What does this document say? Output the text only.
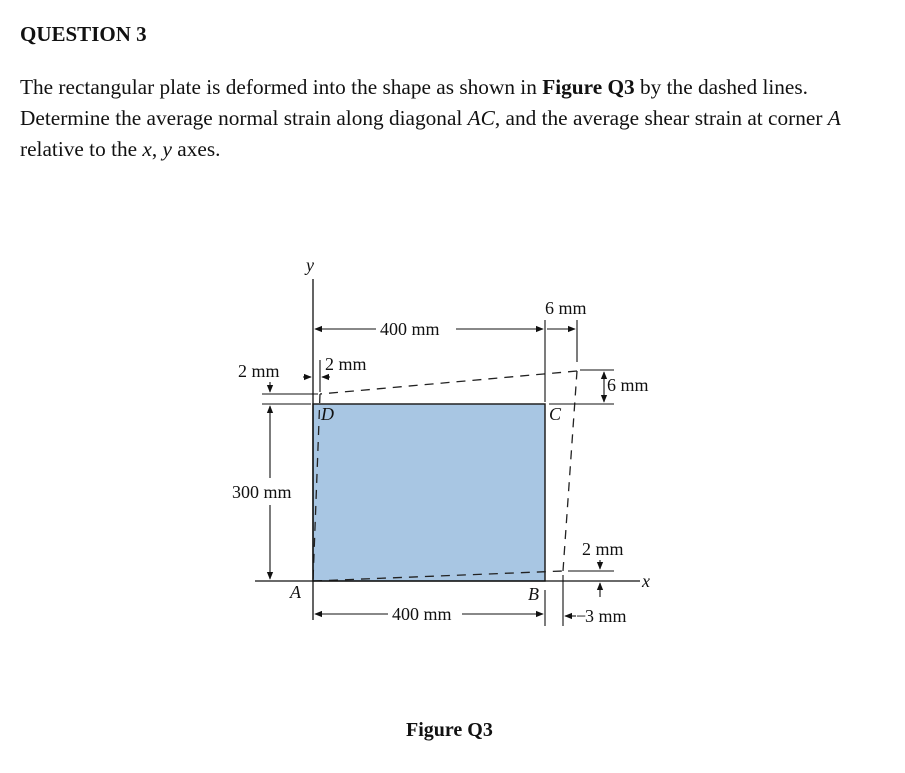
QUESTION 3
The rectangular plate is deformed into the shape as shown in Figure Q3 by the dashed lines. Determine the average normal strain along diagonal AC, and the average shear strain at corner A relative to the x, y axes.
y
x
A	B
C
D
400 mm
400 mm
300 mm
2 mm	2 mm
6 mm
6 mm
2 mm
3 mm
−
Figure Q3
